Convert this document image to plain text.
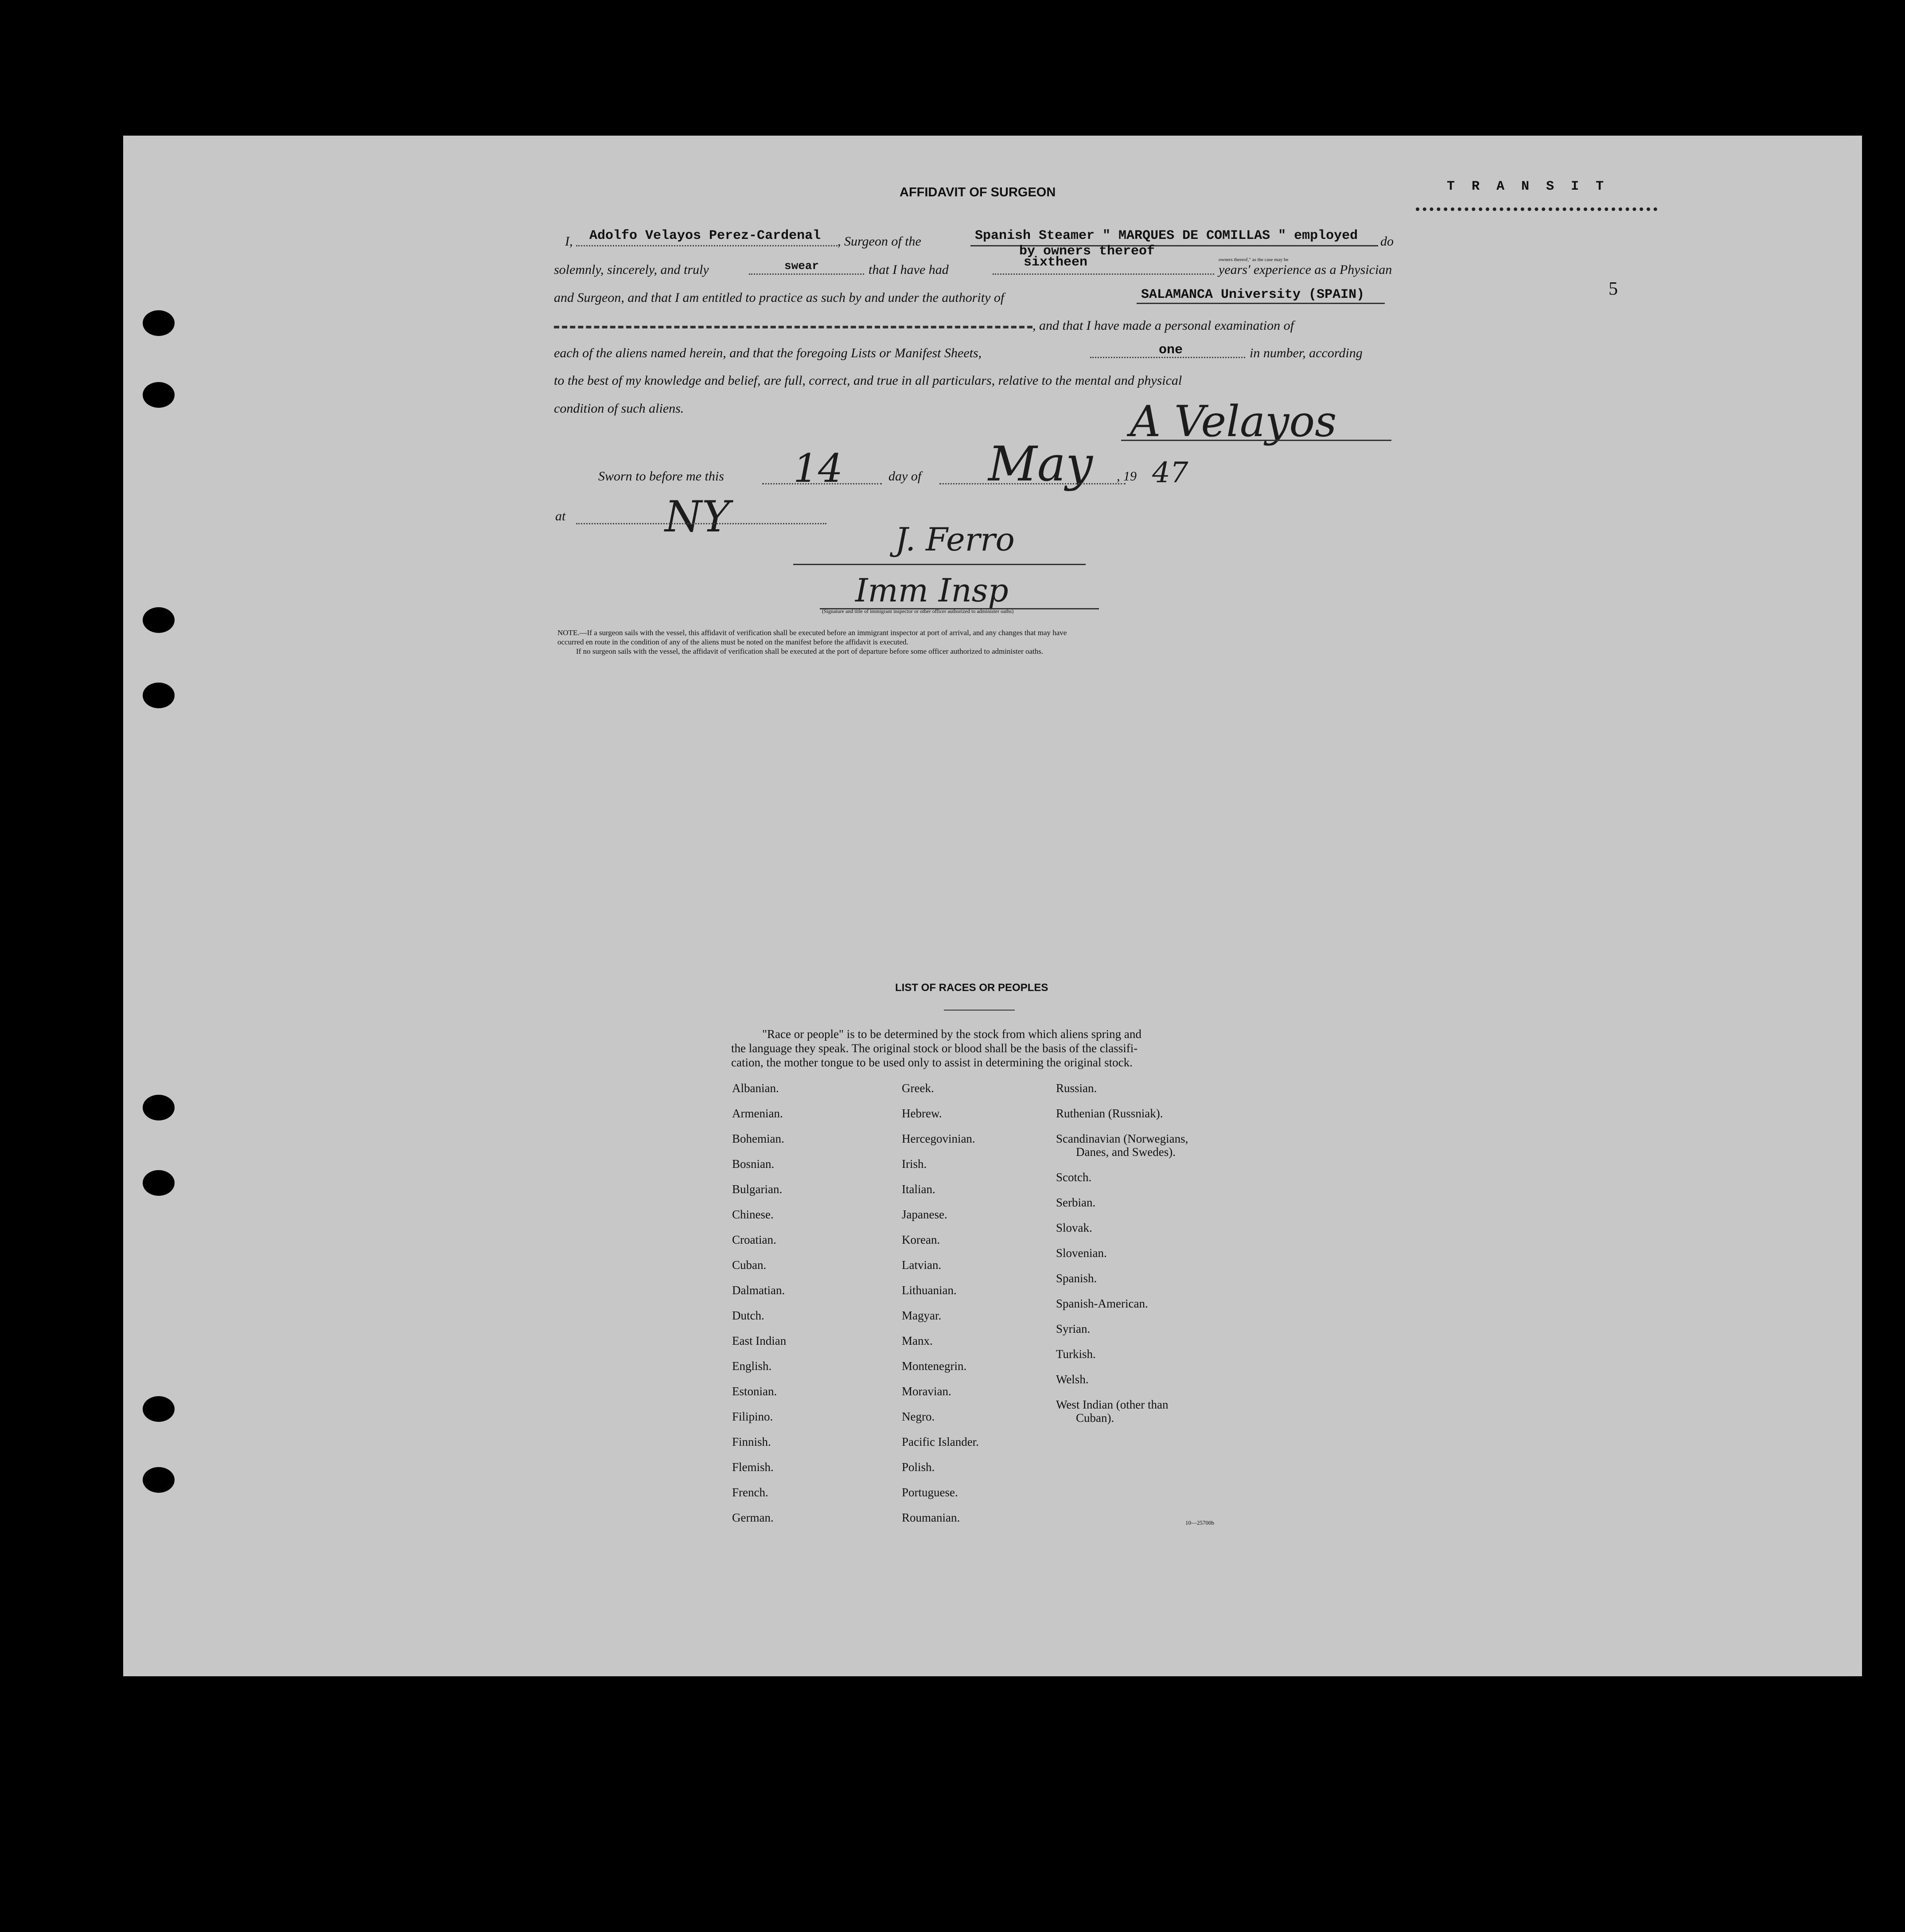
AFFIDAVIT OF SURGEON	T R A N S I T
5
I, Adolfo Velayos Perez-Cardenal , Surgeon of the	Spanish Steamer " MARQUES DE COMILLAS " employed do
by owners thereof
owners thereof," as the case may be
solemnly, sincerely, and truly	swear	that I have had	sixtheen	years' experience as a Physician
and Surgeon, and that I am entitled to practice as such by and under the authority of	SALAMANCA University (SPAIN)
, and that I have made a personal examination of
each of the aliens named herein, and that the foregoing Lists or Manifest Sheets,	one	in number, according
to the best of my knowledge and belief, are full, correct, and true in all particulars, relative to the mental and physical
condition of such aliens.	A Velayos
Sworn to before me this 14	day of May , 19 47
at NY	J. Ferro
Imm Insp
(Signature and title of immigrant inspector or other officer authorized to administer oaths)
NOTE.—If a surgeon sails with the vessel, this affidavit of verification shall be executed before an immigrant inspector at port of arrival, and any changes that may have
occurred en route in the condition of any of the aliens must be noted on the manifest before the affidavit is executed.
If no surgeon sails with the vessel, the affidavit of verification shall be executed at the port of departure before some officer authorized to administer oaths.
LIST OF RACES OR PEOPLES
"Race or people" is to be determined by the stock from which aliens spring and
the language they speak. The original stock or blood shall be the basis of the classifi-
cation, the mother tongue to be used only to assist in determining the original stock.
Albanian.
Armenian.
Bohemian.
Bosnian.
Bulgarian.
Chinese.
Croatian.
Cuban.
Dalmatian.
Dutch.
East Indian
English.
Estonian.
Filipino.
Finnish.
Flemish.
French.
German.
Greek.
Hebrew.
Hercegovinian.
Irish.
Italian.
Japanese.
Korean.
Latvian.
Lithuanian.
Magyar.
Manx.
Montenegrin.
Moravian.
Negro.
Pacific Islander.
Polish.
Portuguese.
Roumanian.
Russian.
Ruthenian (Russniak).
Scandinavian (Norwegians,
Danes, and Swedes).
Scotch.
Serbian.
Slovak.
Slovenian.
Spanish.
Spanish-American.
Syrian.
Turkish.
Welsh.
West Indian (other than
Cuban).
10—25700b
